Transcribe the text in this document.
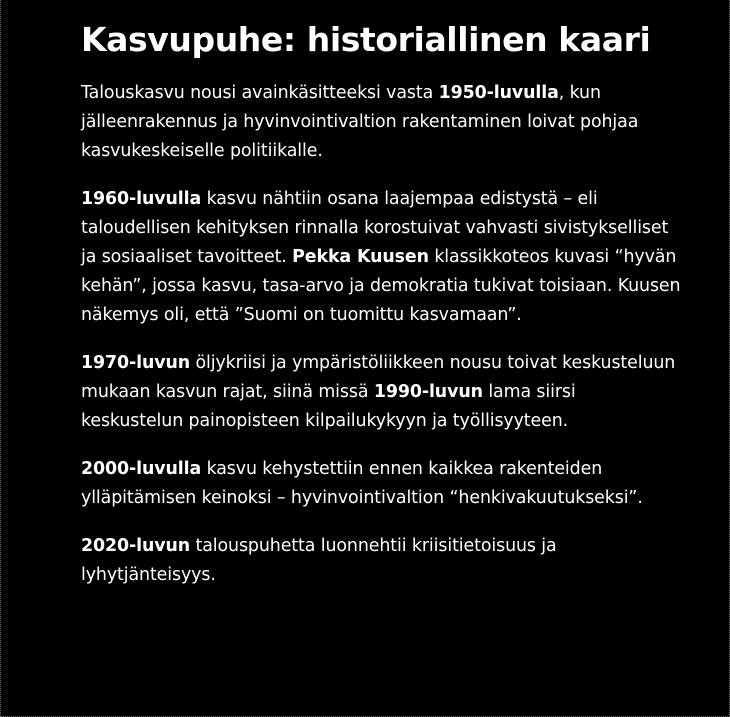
Kasvupuhe: historiallinen kaari

Talouskasvu nousi avainkäsitteeksi vasta 1950-luvulla, kun jälleenrakennus ja hyvinvointivaltion rakentaminen loivat pohjaa kasvukeskeiselle politiikalle.

1960-luvulla kasvu nähtiin osana laajempaa edistystä – eli taloudellisen kehityksen rinnalla korostuivat vahvasti sivistykselliset ja sosiaaliset tavoitteet. Pekka Kuusen klassikkoteos kuvasi “hyvän kehän”, jossa kasvu, tasa-arvo ja demokratia tukivat toisiaan. Kuusen näkemys oli, että ”Suomi on tuomittu kasvamaan”.

1970-luvun öljykriisi ja ympäristöliikkeen nousu toivat keskusteluun mukaan kasvun rajat, siinä missä 1990-luvun lama siirsi keskustelun painopisteen kilpailukykyyn ja työllisyyteen.

2000-luvulla kasvu kehystettiin ennen kaikkea rakenteiden ylläpitämisen keinoksi – hyvinvointivaltion “henkivakuutukseksi”.

2020-luvun talouspuhetta luonnehtii kriisitietoisuus ja lyhytjänteisyys.
